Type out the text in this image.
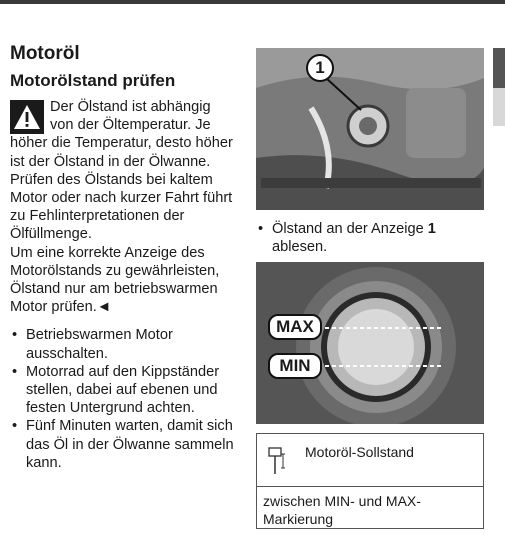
Motoröl
Motorölstand prüfen

Der Ölstand ist abhängig von der Öltemperatur. Je höher die Temperatur, desto höher ist der Ölstand in der Ölwanne. Prüfen des Ölstands bei kaltem Motor oder nach kurzer Fahrt führt zu Fehlinterpretationen der Ölfüllmenge.

Um eine korrekte Anzeige des Motorölstands zu gewährleisten, Ölstand nur am betriebswarmen Motor prüfen.◄

• Betriebswarmen Motor ausschalten.
• Motorrad auf den Kippständer stellen, dabei auf ebenen und festen Untergrund achten.
• Fünf Minuten warten, damit sich das Öl in der Ölwanne sammeln kann.
1
• Ölstand an der Anzeige 1 ablesen.
MAX
MIN
Motoröl-Sollstand
zwischen MIN- und MAX-Markierung
